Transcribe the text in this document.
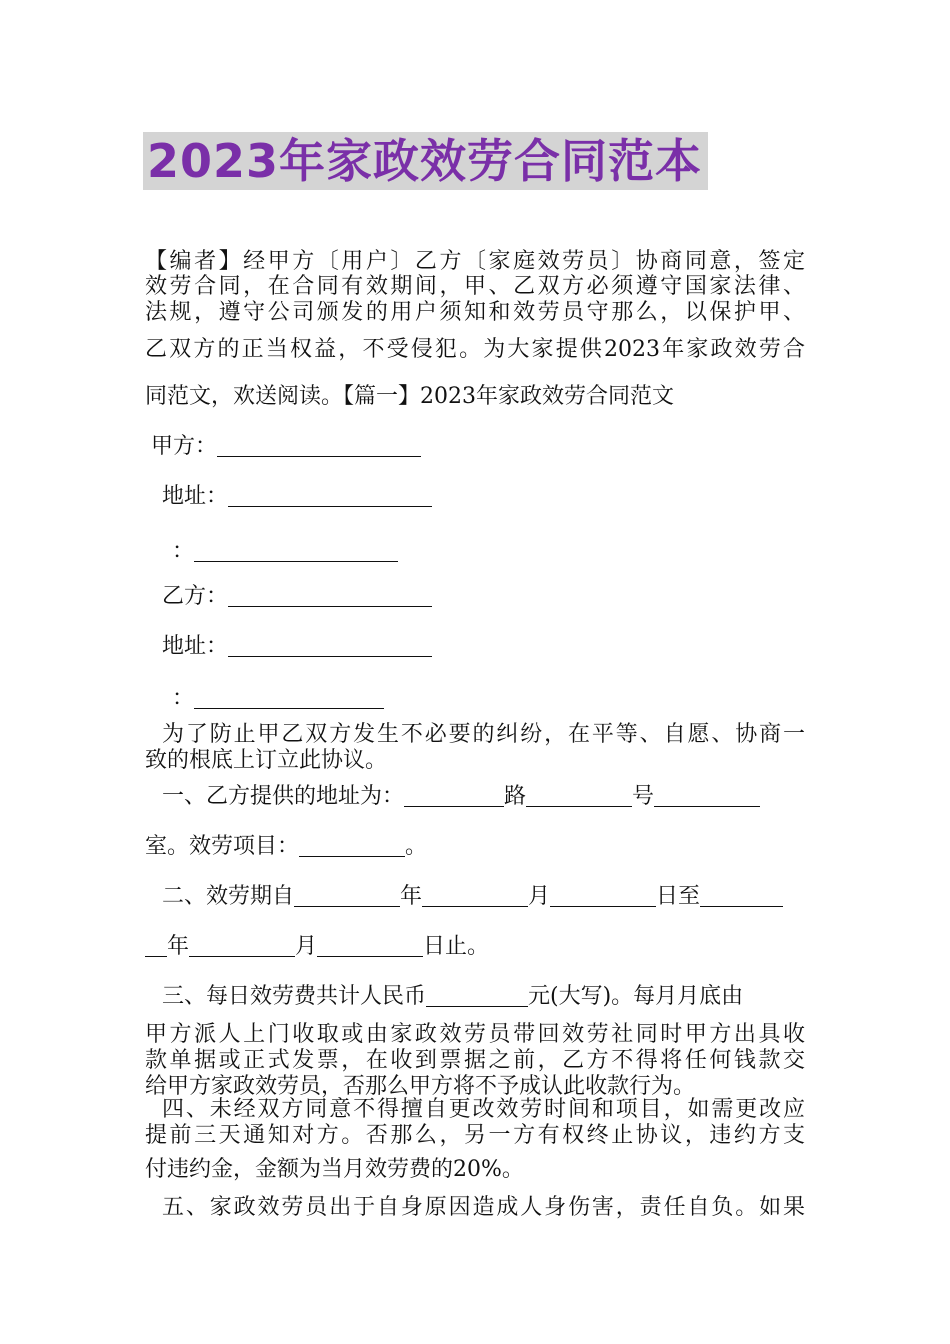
2023年家政效劳合同范本
【编者】经甲方〔用户〕乙方〔家庭效劳员〕协商同意，签定
效劳合同，在合同有效期间，甲、乙双方必须遵守国家法律、
法规，遵守公司颁发的用户须知和效劳员守那么，以保护甲、
乙双方的正当权益，不受侵犯。为大家提供2023年家政效劳合
同范文，欢送阅读。【篇一】2023年家政效劳合同范文
甲方：
地址：
：
乙方：
地址：
：
为了防止甲乙双方发生不必要的纠纷，在平等、自愿、协商一
致的根底上订立此协议。
一、乙方提供的地址为：	路	号
室。效劳项目：	。
二、效劳期自	年	月	日至
年	月	日止。
三、每日效劳费共计人民币	元(大写)。每月月底由
甲方派人上门收取或由家政效劳员带回效劳社同时甲方出具收
款单据或正式发票，在收到票据之前，乙方不得将任何钱款交
给甲方家政效劳员，否那么甲方将不予成认此收款行为。
四、未经双方同意不得擅自更改效劳时间和项目，如需更改应
提前三天通知对方。否那么，另一方有权终止协议，违约方支
付违约金，金额为当月效劳费的20%。
五、家政效劳员出于自身原因造成人身伤害，责任自负。如果
